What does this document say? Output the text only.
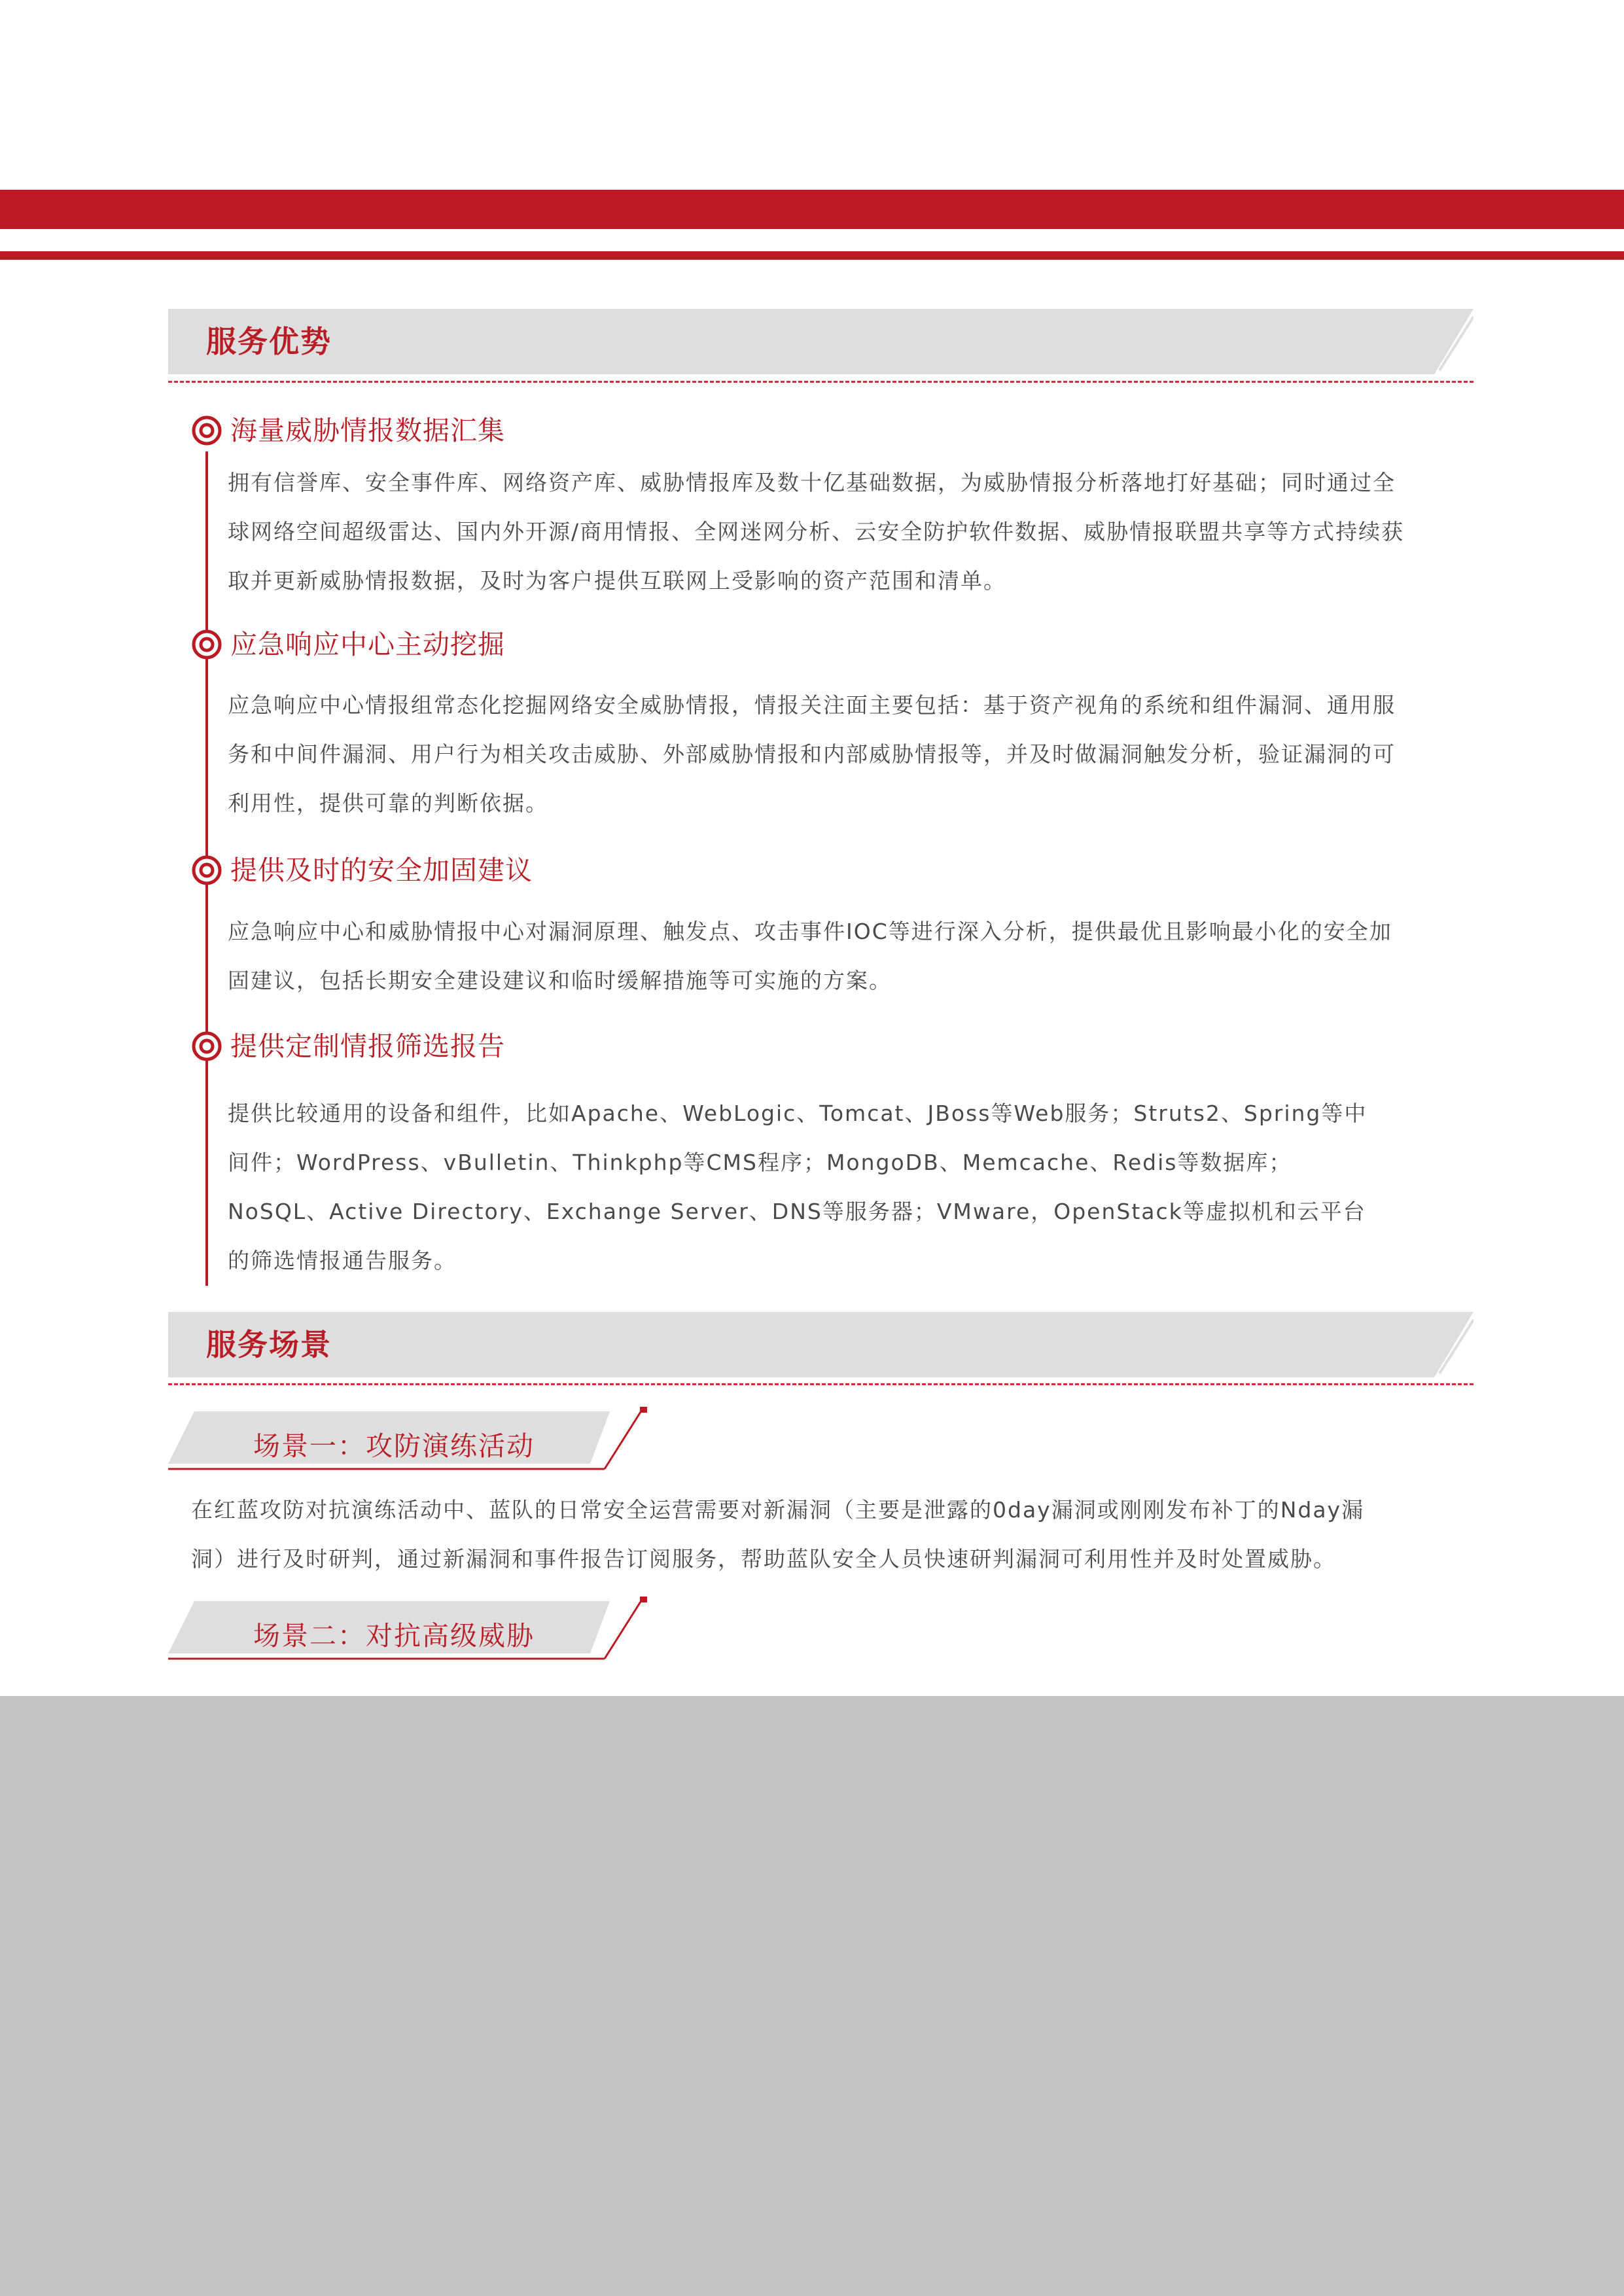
服务优势
海量威胁情报数据汇集
拥有信誉库、安全事件库、网络资产库、威胁情报库及数十亿基础数据，为威胁情报分析落地打好基础；同时通过全
球网络空间超级雷达、国内外开源/商用情报、全网迷网分析、云安全防护软件数据、威胁情报联盟共享等方式持续获
取并更新威胁情报数据，及时为客户提供互联网上受影响的资产范围和清单。
应急响应中心主动挖掘
应急响应中心情报组常态化挖掘网络安全威胁情报，情报关注面主要包括：基于资产视角的系统和组件漏洞、通用服
务和中间件漏洞、用户行为相关攻击威胁、外部威胁情报和内部威胁情报等，并及时做漏洞触发分析，验证漏洞的可
利用性，提供可靠的判断依据。
提供及时的安全加固建议
应急响应中心和威胁情报中心对漏洞原理、触发点、攻击事件IOC等进行深入分析，提供最优且影响最小化的安全加
固建议，包括长期安全建设建议和临时缓解措施等可实施的方案。
提供定制情报筛选报告
提供比较通用的设备和组件，比如Apache、WebLogic、Tomcat、JBoss等Web服务；Struts2、Spring等中
间件；WordPress、vBulletin、Thinkphp等CMS程序；MongoDB、Memcache、Redis等数据库；
NoSQL、Active Directory、Exchange Server、DNS等服务器；VMware，OpenStack等虚拟机和云平台
的筛选情报通告服务。
服务场景
场景一：攻防演练活动
在红蓝攻防对抗演练活动中、蓝队的日常安全运营需要对新漏洞（主要是泄露的0day漏洞或刚刚发布补丁的Nday漏
洞）进行及时研判，通过新漏洞和事件报告订阅服务，帮助蓝队安全人员快速研判漏洞可利用性并及时处置威胁。
场景二：对抗高级威胁
